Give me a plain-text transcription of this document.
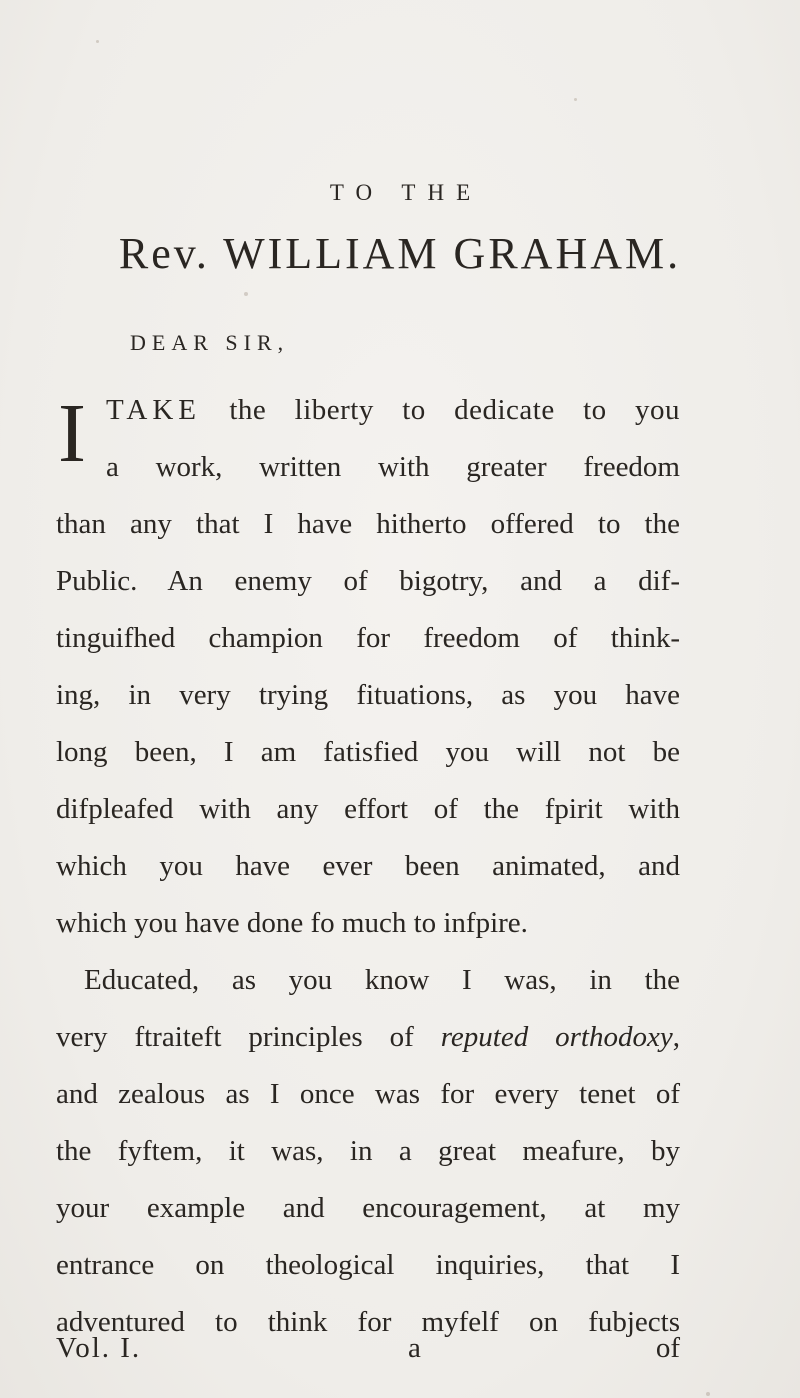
TO THE
Rev. WILLIAM GRAHAM.
DEAR SIR,
I TAKE the liberty to dedicate to you
a work, written with greater freedom
than any that I have hitherto offered to the
Public. An enemy of bigotry, and a dif-
tinguifhed champion for freedom of think-
ing, in very trying fituations, as you have
long been, I am fatisfied you will not be
difpleafed with any effort of the fpirit with
which you have ever been animated, and
which you have done fo much to infpire.
Educated, as you know I was, in the
very ftraiteft principles of reputed orthodoxy,
and zealous as I once was for every tenet of
the fyftem, it was, in a great meafure, by
your example and encouragement, at my
entrance on theological inquiries, that I
adventured to think for myfelf on fubjects
Vol. I.	a	of
